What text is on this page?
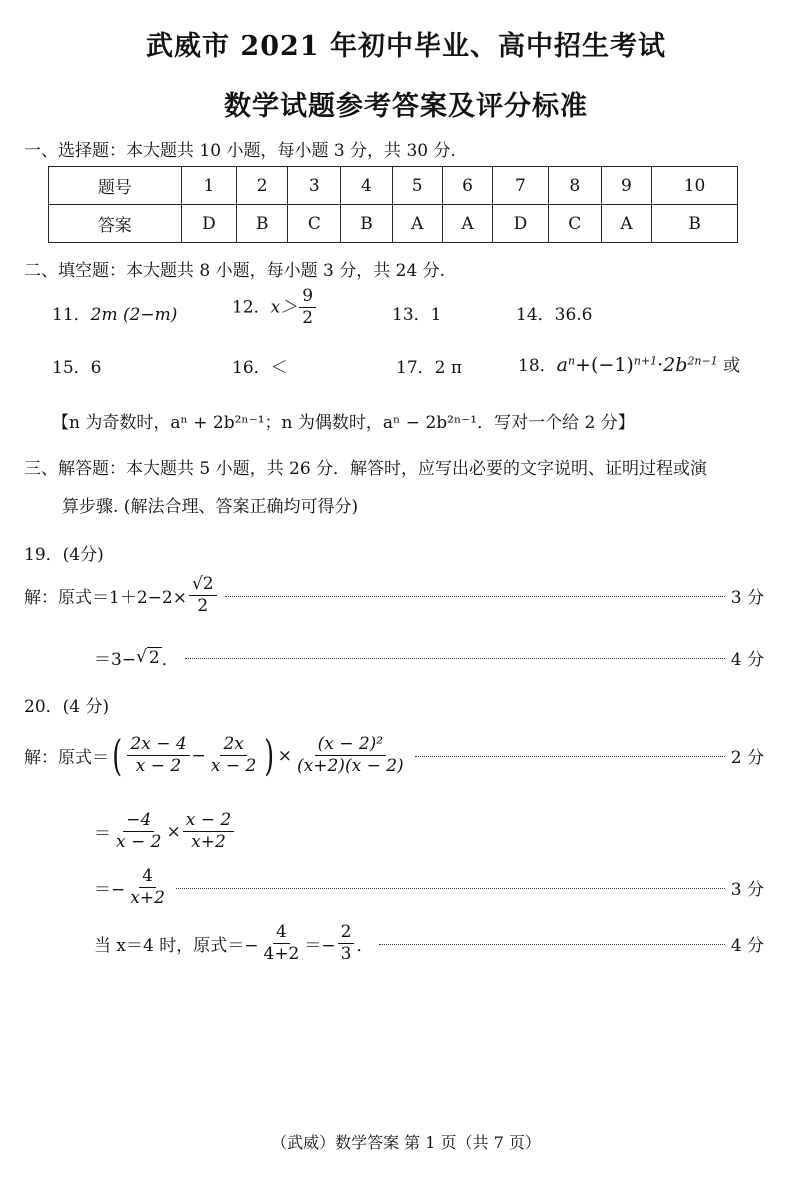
武威市 2021 年初中毕业、高中招生考试
数学试题参考答案及评分标准
一、选择题：本大题共 10 小题，每小题 3 分，共 30 分.
题号	1	2	3	4	5	6	7	8	9	10
答案	D	B	C	B	A	A	D	C	A	B
二、填空题：本大题共 8 小题，每小题 3 分，共 24 分.
11．2m (2−m)	12．$x> \frac{9}{2}$	13．1	14．36.6
15．6	16．＜	17．2 π	18．$a^n+(-1)^{n+1}\cdot 2b^{2n-1}$ 或
【n 为奇数时，aⁿ + 2b²ⁿ⁻¹；n 为偶数时，aⁿ − 2b²ⁿ⁻¹．写对一个给 2 分】
三、解答题：本大题共 5 小题，共 26 分．解答时，应写出必要的文字说明、证明过程或演
算步骤. (解法合理、答案正确均可得分)
19．(4分)
解：原式$=1+2-2\times \frac{√2}{2}$	3 分
＝3− √ 2 ．	4 分
20．(4 分)
解：原式＝ ( $\frac{2x - 4}{x - 2} - \frac{2x}{x - 2}$ ) × $\frac{\text{(x − 2)²}}{(x+2)(x - 2)}$	2 分
＝ $\frac{-4}{x - 2} \times \frac{x - 2}{x+2}$
＝− $\frac{4}{x+2}$	3 分
当 x＝4 时，原式＝− $\frac{4}{4+2} =- \frac{2}{3}$ ．	4 分
（武威）数学答案 第 1 页（共 7 页）
